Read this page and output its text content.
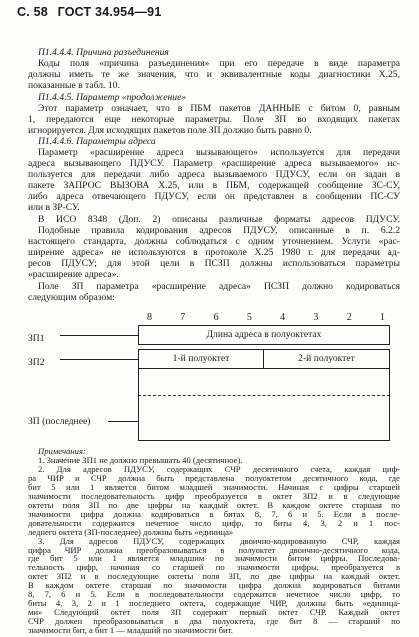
С. 58 ГОСТ 34.954—91
П1.4.4.4. Причина разъединения
Коды поля «причина разъединения» при его передаче в виде параметра
должны иметь те же значения, что и эквивалентные коды диагностики X.25,
показанные в табл. 10.
П1.4.4.5. Параметр «продолжение»
Этот параметр означает, что в ПБМ пакетов ДАННЫЕ с битом 0, равным
1, передаются еще некоторые параметры. Поле ЗП во входящих пакетах
игнорируется. Для исходящих пакетов поле ЗП должно быть равно 0.
П1.4.4.6. Параметры адреса
Параметр «расширение адреса вызывающего» используется для передачи
адреса вызывающего ПДУСУ. Параметр «расширение адреса вызываемого» ис-
пользуется для передачи либо адреса вызываемого ПДУСУ, если он задан в
пакете ЗАПРОС ВЫЗОВА X.25, или в ПБМ, содержащей сообщение ЗС-СУ,
либо адреса отвечающего ПДУСУ, если он представлен в сообщении ПС-СУ
или в ЗР-СУ.
В ИСО 8348 (Доп. 2) описаны различные форматы адресов ПДУСУ.
Подобные правила кодирования адресов ПДУСУ, описанные в п. 6.2.2
настоящего стандарта, должны соблюдаться с одним уточнением. Услуги «рас-
ширение адреса» не используются в протоколе X.25 1980 г. для передачи ад-
ресов ПДУСУ; для этой цели в ПСЗП должны использоваться параметры
«расширение адреса».
Поле ЗП параметра «расширение адреса» ПСЗП должно кодироваться
следующим образом:
8	7	6	5	4	3	2	1
ЗП1	Длина адреса в полуоктетах
ЗП2	1-й полуоктет	2-й полуоктет
ЗП (последнее)
Примечания:
1. Значение ЗП1 не должно превышать 40 (десятичное).
2. Для адресов ПДУСУ, содержащих СЧР десятичного счета, каждая циф-
ра ЧИР и СЧР должна быть представлена полуоктетом десятичного кода, где
бит 5 или 1 является битом младшей значимости. Начиная с цифры старшей
значимости последовательность цифр преобразуется в октет ЗП2 и в следующие
октеты поля ЗП по две цифры на каждый октет. В каждом октете старшая по
значимости цифра должна кодироваться в битах 8, 7, 6 и 5. Если в после-
довательности содержится нечетное число цифр, то биты 4, 3, 2 и 1 пос-
леднего октета (ЗП-последнее) должны быть «единица»
3. Для адресов ПДУСУ, содержащих двоично-кодированную СЧР, каждая
цифра ЧИР должна преобразовываться в полуоктет двоично-десятичного кода,
где бит 5 или 1 является младшим по значимости битом цифры. Последова-
тельность цифр, начиная со старшей по значимости цифры, преобразуется в
октет ЗП2 и в последующие октеты поля ЗП, по две цифры на каждый октет.
В каждом октете старшая по значимости цифра должна кодироваться битами
8, 7, 6 и 5. Если в последовательности содержится нечетное число цифр, то
биты 4, 3, 2 и 1 последнего октета, содержащие ЧИР, должны быть «единица-
ми» Следующий октет поля ЗП содержит первый октет СЧР. Каждый октет
СЧР должен преобразовываться в два полуоктета, где бит 8 — старший по
значимости бит, а бит 1 — младший по значимости бит.
